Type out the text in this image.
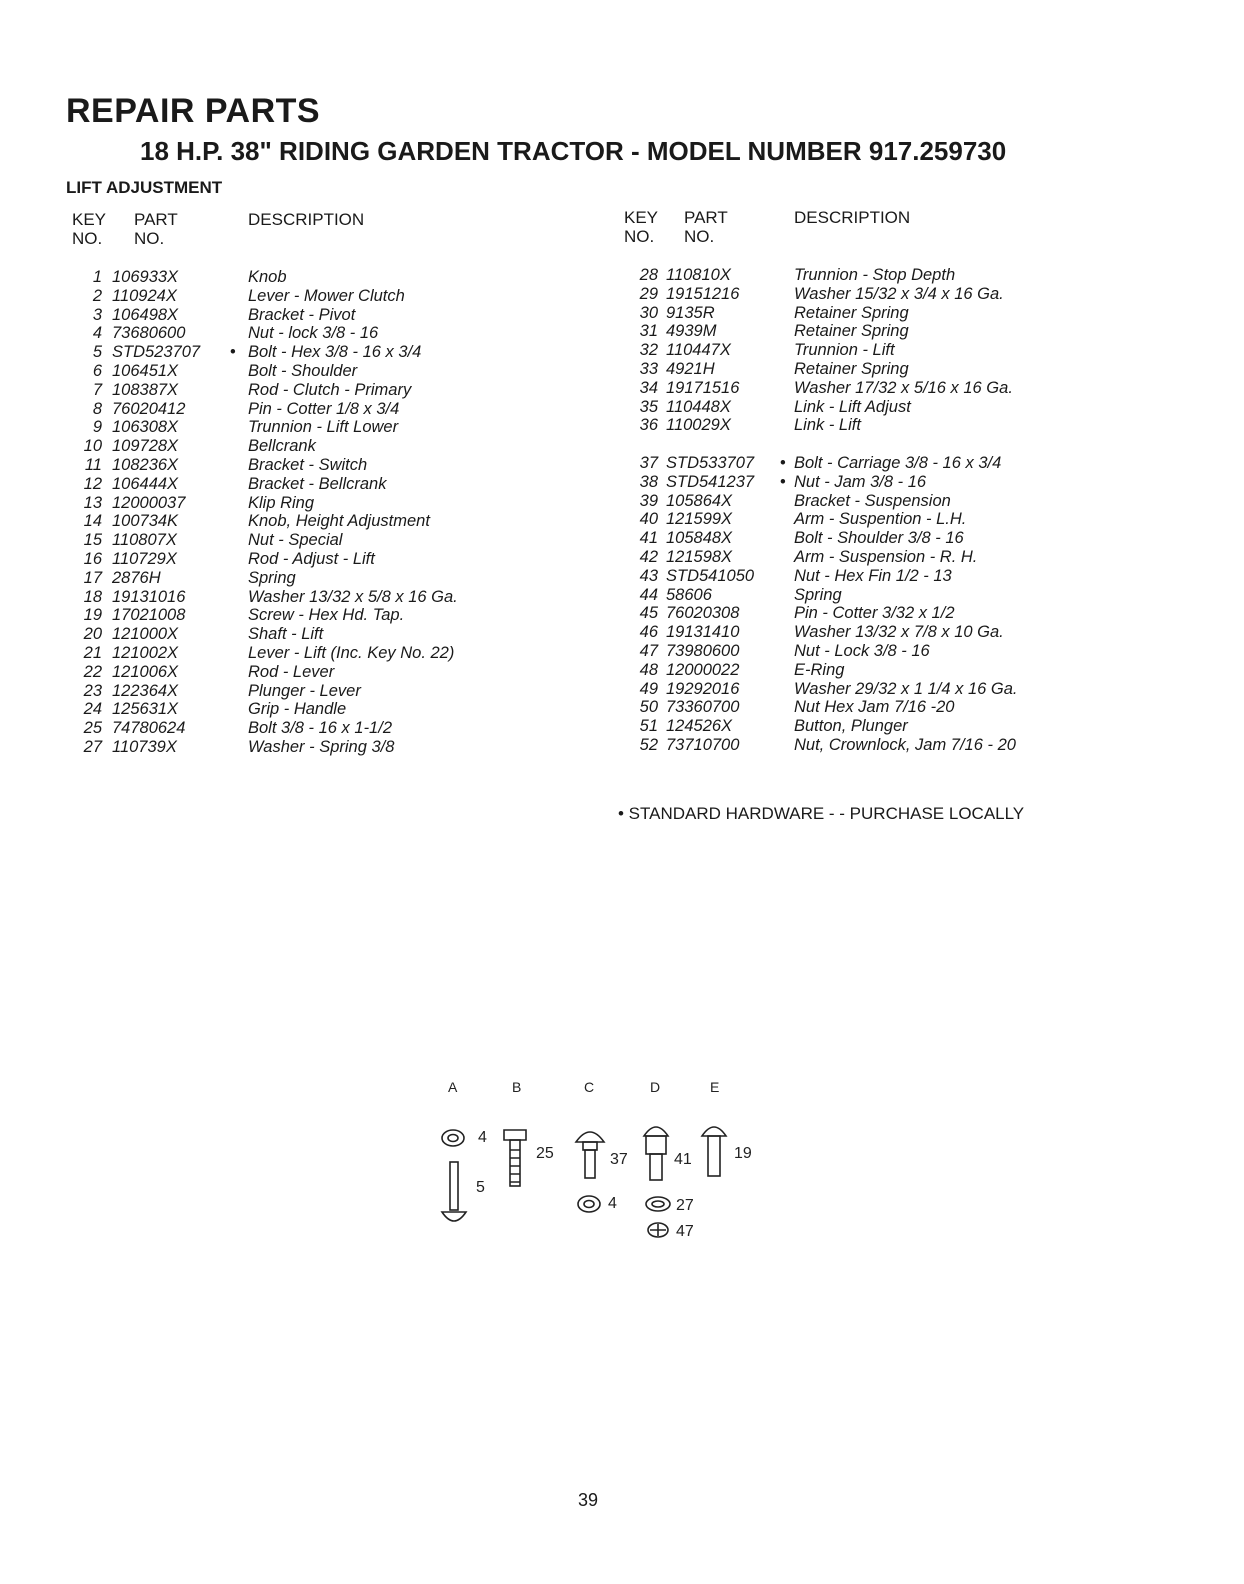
REPAIR PARTS
18 H.P. 38" RIDING GARDEN TRACTOR - MODEL NUMBER 917.259730
LIFT ADJUSTMENT
KEY
NO.
PART
NO.
DESCRIPTION
1 106933X	Knob
2 110924X	Lever - Mower Clutch
3 106498X	Bracket - Pivot
4 73680600	Nut - lock 3/8 - 16
5 STD523707 • Bolt - Hex 3/8 - 16 x 3/4
6 106451X	Bolt - Shoulder
7 108387X	Rod - Clutch - Primary
8 76020412	Pin - Cotter 1/8 x 3/4
9 106308X	Trunnion - Lift Lower
10 109728X	Bellcrank
11 108236X	Bracket - Switch
12 106444X	Bracket - Bellcrank
13 12000037	Klip Ring
14 100734K	Knob, Height Adjustment
15 110807X	Nut - Special
16 110729X	Rod - Adjust - Lift
17 2876H	Spring
18 19131016	Washer 13/32 x 5/8 x 16 Ga.
19 17021008	Screw - Hex Hd. Tap.
20 121000X	Shaft - Lift
21 121002X	Lever - Lift (Inc. Key No. 22)
22 121006X	Rod - Lever
23 122364X	Plunger - Lever
24 125631X	Grip - Handle
25 74780624	Bolt 3/8 - 16 x 1-1/2
27 110739X	Washer - Spring 3/8
KEY
NO.
PART
NO.
DESCRIPTION
28 110810X	Trunnion - Stop Depth
29 19151216	Washer 15/32 x 3/4 x 16 Ga.
30 9135R	Retainer Spring
31 4939M	Retainer Spring
32 110447X	Trunnion - Lift
33 4921H	Retainer Spring
34 19171516	Washer 17/32 x 5/16 x 16 Ga.
35 110448X	Link - Lift Adjust
36 110029X	Link - Lift
37 STD533707 • Bolt - Carriage 3/8 - 16 x 3/4
38 STD541237 • Nut - Jam 3/8 - 16
39 105864X	Bracket - Suspension
40 121599X	Arm - Suspention - L.H.
41 105848X	Bolt - Shoulder 3/8 - 16
42 121598X	Arm - Suspension - R. H.
43 STD541050 Nut - Hex Fin 1/2 - 13
44 58606	Spring
45 76020308	Pin - Cotter 3/32 x 1/2
46 19131410	Washer 13/32 x 7/8 x 10 Ga.
47 73980600	Nut - Lock 3/8 - 16
48 12000022	E-Ring
49 19292016	Washer 29/32 x 1 1/4 x 16 Ga.
50 73360700	Nut Hex Jam 7/16 -20
51 124526X	Button, Plunger
52 73710700	Nut, Crownlock, Jam 7/16 - 20
• STANDARD HARDWARE - - PURCHASE LOCALLY
A	B	C	D	E
4
5
25	37
4
41
27
47
19
39
